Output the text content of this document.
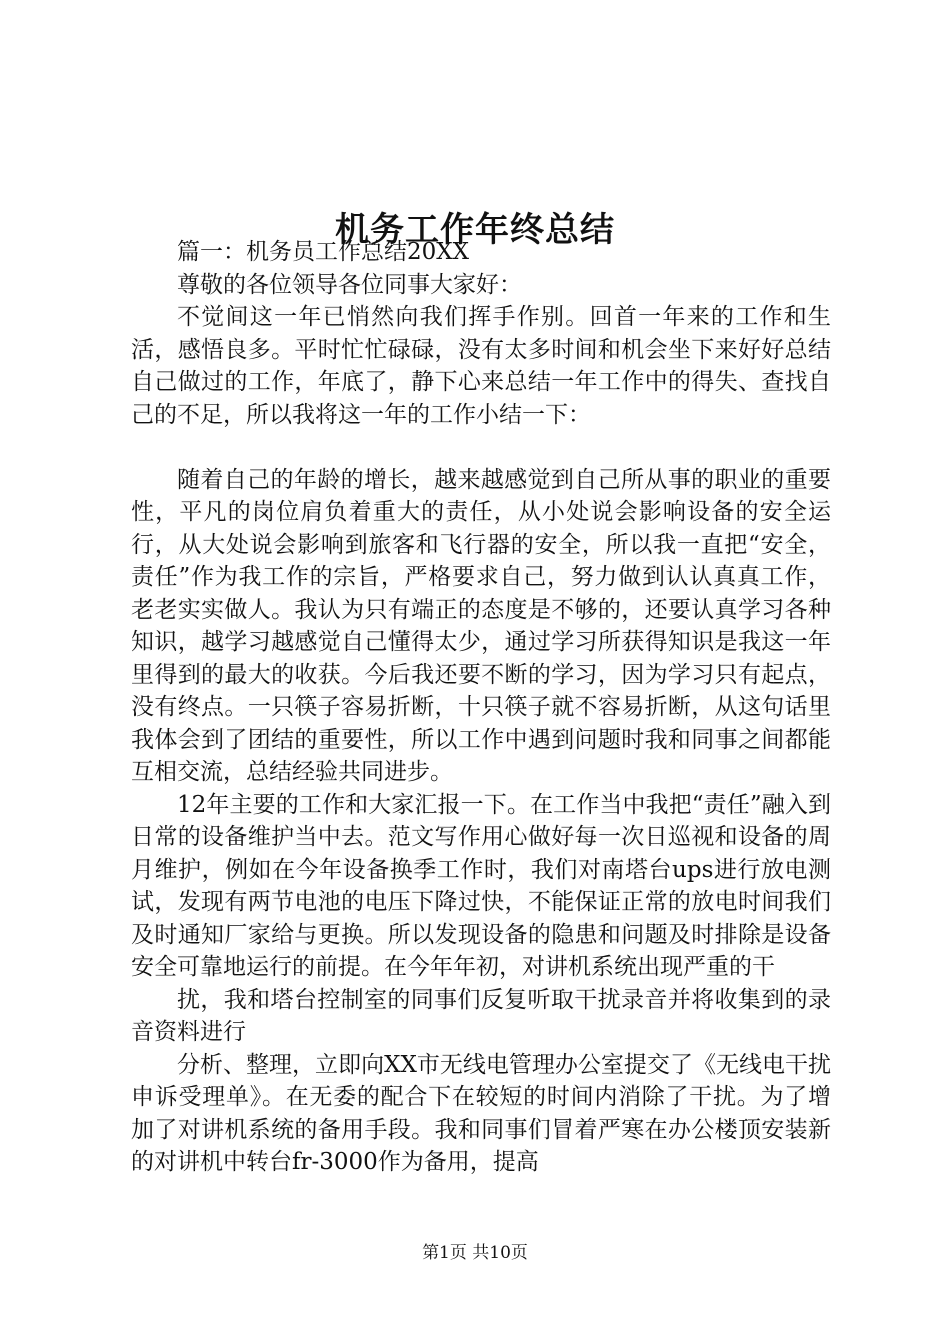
机务工作年终总结

篇一：机务员工作总结20XX

尊敬的各位领导各位同事大家好：

不觉间这一年已悄然向我们挥手作别。回首一年来的工作和生活，感悟良多。平时忙忙碌碌，没有太多时间和机会坐下来好好总结自己做过的工作，年底了，静下心来总结一年工作中的得失、查找自己的不足，所以我将这一年的工作小结一下：

随着自己的年龄的增长，越来越感觉到自己所从事的职业的重要性，平凡的岗位肩负着重大的责任，从小处说会影响设备的安全运行，从大处说会影响到旅客和飞行器的安全，所以我一直把“安全，责任”作为我工作的宗旨，严格要求自己，努力做到认认真真工作，老老实实做人。我认为只有端正的态度是不够的，还要认真学习各种知识，越学习越感觉自己懂得太少，通过学习所获得知识是我这一年里得到的最大的收获。今后我还要不断的学习，因为学习只有起点，没有终点。一只筷子容易折断，十只筷子就不容易折断，从这句话里我体会到了团结的重要性，所以工作中遇到问题时我和同事之间都能互相交流，总结经验共同进步。

12年主要的工作和大家汇报一下。在工作当中我把“责任”融入到日常的设备维护当中去。范文写作用心做好每一次日巡视和设备的周月维护，例如在今年设备换季工作时，我们对南塔台ups进行放电测试，发现有两节电池的电压下降过快，不能保证正常的放电时间我们及时通知厂家给与更换。所以发现设备的隐患和问题及时排除是设备安全可靠地运行的前提。在今年年初，对讲机系统出现严重的干

扰，我和塔台控制室的同事们反复听取干扰录音并将收集到的录音资料进行

分析、整理，立即向XX市无线电管理办公室提交了《无线电干扰申诉受理单》。在无委的配合下在较短的时间内消除了干扰。为了增加了对讲机系统的备用手段。我和同事们冒着严寒在办公楼顶安装新的对讲机中转台fr-3000作为备用，提高

第1页 共10页
